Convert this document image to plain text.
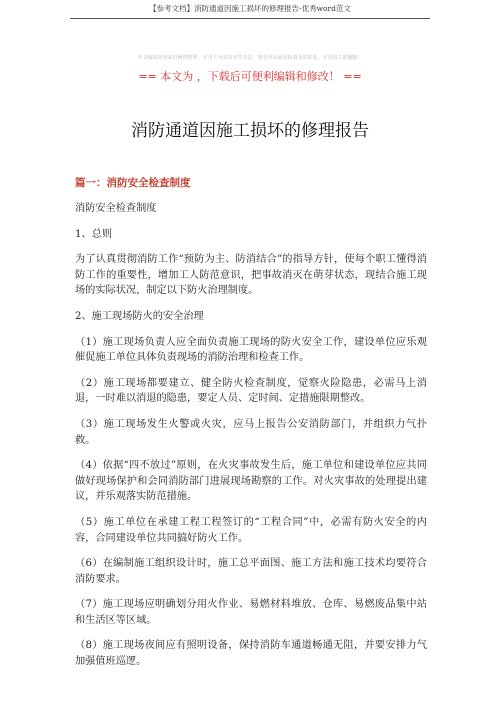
【参考文档】消防通道因施工损坏的修理报告-优秀word范文
本文编辑内容来自网络整理，本司不为其真实性负责，如有异议或侵权请及时联系，本司将立即删除！
== 本文为 ，下载后可便利编辑和修改！ ==
消防通道因施工损坏的修理报告
篇一：消防安全检查制度

消防安全检查制度

1、总则

为了认真贯彻消防工作“预防为主、防消结合”的指导方针，使每个职工懂得消防工作的重要性，增加工人防范意识，把事故消灭在萌芽状态，现结合施工现场的实际状况，制定以下防火治理制度。

2、施工现场防火的安全治理

（1）施工现场负责人应全面负责施工现场的防火安全工作，建设单位应乐观催促施工单位具体负责现场的消防治理和检查工作。

（2）施工现场都要建立、健全防火检查制度，觉察火险隐患，必需马上消退，一时难以消退的隐患，要定人员、定时间、定措施限期整改。

（3）施工现场发生火警或火灾，应马上报告公安消防部门，并组织力气扑救。

（4）依据“四不放过”原则，在火灾事故发生后，施工单位和建设单位应共同做好现场保护和会同消防部门进展现场勘察的工作。对火灾事故的处理提出建议，并乐观落实防范措施。

（5）施工单位在承建工程工程签订的“工程合同”中，必需有防火安全的内容，合同建设单位共同搞好防火工作。

（6）在编制施工组织设计时，施工总平面图、施工方法和施工技术均要符合消防要求。

（7）施工现场应明确划分用火作业、易燃材料堆放、仓库、易燃废品集中站和生活区等区域。

（8）施工现场夜间应有照明设备，保持消防车通道畅通无阻，并要安排力气加强值班巡逻。
